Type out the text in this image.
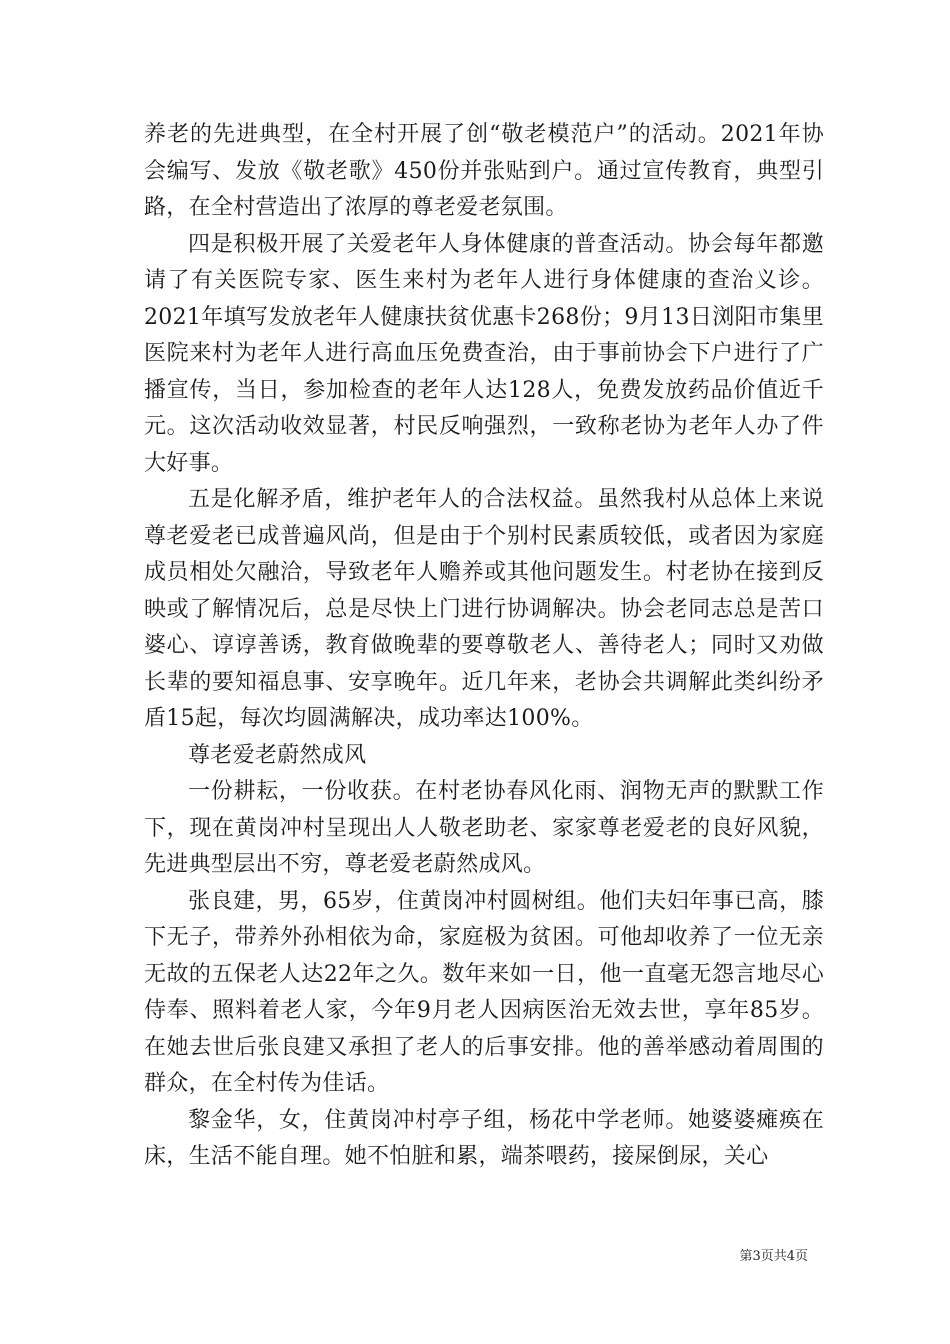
养老的先进典型，在全村开展了创“敬老模范户”的活动。2021年协会编写、发放《敬老歌》450份并张贴到户。通过宣传教育，典型引路，在全村营造出了浓厚的尊老爱老氛围。

四是积极开展了关爱老年人身体健康的普查活动。协会每年都邀请了有关医院专家、医生来村为老年人进行身体健康的查治义诊。2021年填写发放老年人健康扶贫优惠卡268份；9月13日浏阳市集里医院来村为老年人进行高血压免费查治，由于事前协会下户进行了广播宣传，当日，参加检查的老年人达128人，免费发放药品价值近千元。这次活动收效显著，村民反响强烈，一致称老协为老年人办了件大好事。

五是化解矛盾，维护老年人的合法权益。虽然我村从总体上来说尊老爱老已成普遍风尚，但是由于个别村民素质较低，或者因为家庭成员相处欠融洽，导致老年人赡养或其他问题发生。村老协在接到反映或了解情况后，总是尽快上门进行协调解决。协会老同志总是苦口婆心、谆谆善诱，教育做晚辈的要尊敬老人、善待老人；同时又劝做长辈的要知福息事、安享晚年。近几年来，老协会共调解此类纠纷矛盾15起，每次均圆满解决，成功率达100%。

尊老爱老蔚然成风

一份耕耘，一份收获。在村老协春风化雨、润物无声的默默工作下，现在黄岗冲村呈现出人人敬老助老、家家尊老爱老的良好风貌，先进典型层出不穷，尊老爱老蔚然成风。

张良建，男，65岁，住黄岗冲村圆树组。他们夫妇年事已高，膝下无子，带养外孙相依为命，家庭极为贫困。可他却收养了一位无亲无故的五保老人达22年之久。数年来如一日，他一直毫无怨言地尽心侍奉、照料着老人家，今年9月老人因病医治无效去世，享年85岁。在她去世后张良建又承担了老人的后事安排。他的善举感动着周围的群众，在全村传为佳话。

黎金华，女，住黄岗冲村亭子组，杨花中学老师。她婆婆瘫痪在床，生活不能自理。她不怕脏和累，端茶喂药，接屎倒尿，关心

第3页共4页
